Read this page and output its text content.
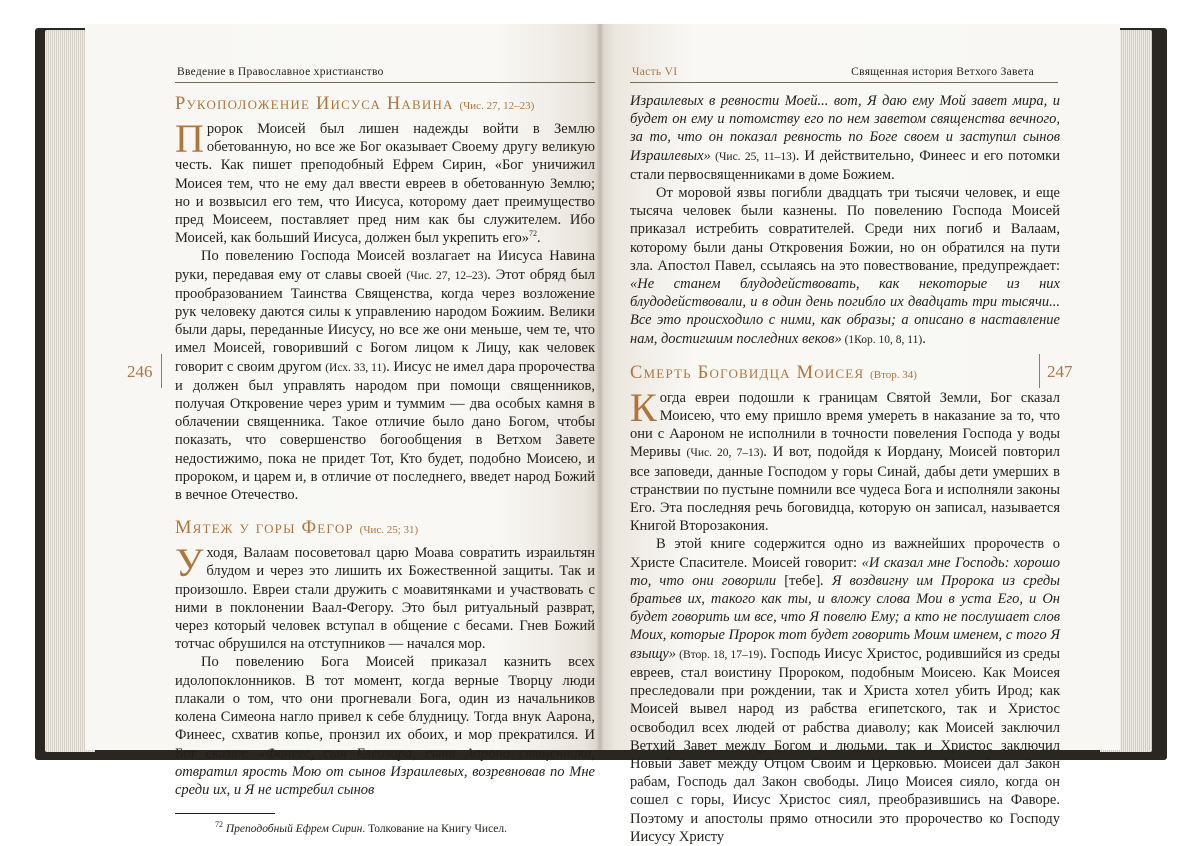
Введение в Православное христианство
246
Рукоположение Иисуса Навина (Чис. 27, 12–23)

Пророк Моисей был лишен надежды войти в Землю обетованную, но все же Бог оказывает Своему другу великую честь. Как пишет преподобный Ефрем Сирин, «Бог уничижил Моисея тем, что не ему дал ввести евреев в обетованную Землю; но и возвысил его тем, что Иисуса, которому дает преимущество пред Моисеем, поставляет пред ним как бы служителем. Ибо Моисей, как больший Иисуса, должен был укрепить его»$^{72}$.

По повелению Господа Моисей возлагает на Иисуса Навина руки, передавая ему от славы своей (Чис. 27, 12–23). Этот обряд был прообразованием Таинства Священства, когда через возложение рук человеку даются силы к управлению народом Божиим. Велики были дары, переданные Иисусу, но все же они меньше, чем те, что имел Моисей, говоривший с Богом лицом к Лицу, как человек говорит с своим другом (Исх. 33, 11). Иисус не имел дара пророчества и должен был управлять народом при помощи священников, получая Откровение через урим и туммим — два особых камня в облачении священника. Такое отличие было дано Богом, чтобы показать, что совершенство богообщения в Ветхом Завете недостижимо, пока не придет Тот, Кто будет, подобно Моисею, и пророком, и царем и, в отличие от последнего, введет народ Божий в вечное Отечество.

Мятеж у горы Фегор (Чис. 25; 31)

Уходя, Валаам посоветовал царю Моава совратить израильтян блудом и через это лишить их Божественной защиты. Так и произошло. Евреи стали дружить с моавитянками и участвовать с ними в поклонении Ваал-Фегору. Это был ритуальный разврат, через который человек вступал в общение с бесами. Гнев Божий тотчас обрушился на отступников — начался мор.

По повелению Бога Моисей приказал казнить всех идолопоклонников. В тот момент, когда верные Творцу люди плакали о том, что они прогневали Бога, один из начальников колена Симеона нагло привел к себе блудницу. Тогда внук Аарона, Финеес, схватив копье, пронзил их обоих, и мор прекратился. И Бог сказал: «Финеес, сын Елеазара, сына Аарона священника, отвратил ярость Мою от сынов Израилевых, возревновав по Мне среди их, и Я не истребил сынов

$^{72}$ Преподобный Ефрем Сирин. Толкование на Книгу Чисел.
Часть VI	Священная история Ветхого Завета
247

Израилевых в ревности Моей... вот, Я даю ему Мой завет мира, и будет он ему и потомству его по нем заветом священства вечного, за то, что он показал ревность по Боге своем и заступил сынов Израилевых» (Чис. 25, 11–13). И действительно, Финеес и его потомки стали первосвященниками в доме Божием.

От моровой язвы погибли двадцать три тысячи человек, и еще тысяча человек были казнены. По повелению Господа Моисей приказал истребить совратителей. Среди них погиб и Валаам, которому были даны Откровения Божии, но он обратился на пути зла. Апостол Павел, ссылаясь на это повествование, предупреждает: «Не станем блудодействовать, как некоторые из них блудодействовали, и в один день погибло их двадцать три тысячи... Все это происходило с ними, как образы; а описано в наставление нам, достигшим последних веков» (1Кор. 10, 8, 11).

Смерть Боговидца Моисея (Втор. 34)

Когда евреи подошли к границам Святой Земли, Бог сказал Моисею, что ему пришло время умереть в наказание за то, что они с Аароном не исполнили в точности повеления Господа у воды Меривы (Чис. 20, 7–13). И вот, подойдя к Иордану, Моисей повторил все заповеди, данные Господом у горы Синай, дабы дети умерших в странствии по пустыне помнили все чудеса Бога и исполняли законы Его. Эта последняя речь боговидца, которую он записал, называется Книгой Второзакония.

В этой книге содержится одно из важнейших пророчеств о Христе Спасителе. Моисей говорит: «И сказал мне Господь: хорошо то, что они говорили [тебе]. Я воздвигну им Пророка из среды братьев их, такого как ты, и вложу слова Мои в уста Его, и Он будет говорить им все, что Я повелю Ему; а кто не послушает слов Моих, которые Пророк тот будет говорить Моим именем, с того Я взыщу» (Втор. 18, 17–19). Господь Иисус Христос, родившийся из среды евреев, стал воистину Пророком, подобным Моисею. Как Моисея преследовали при рождении, так и Христа хотел убить Ирод; как Моисей вывел народ из рабства египетского, так и Христос освободил всех людей от рабства диаволу; как Моисей заключил Ветхий Завет между Богом и людьми, так и Христос заключил Новый Завет между Отцом Своим и Церковью. Моисей дал Закон рабам, Господь дал Закон свободы. Лицо Моисея сияло, когда он сошел с горы, Иисус Христос сиял, преобразившись на Фаворе. Поэтому и апостолы прямо относили это пророчество ко Господу Иисусу Христу
